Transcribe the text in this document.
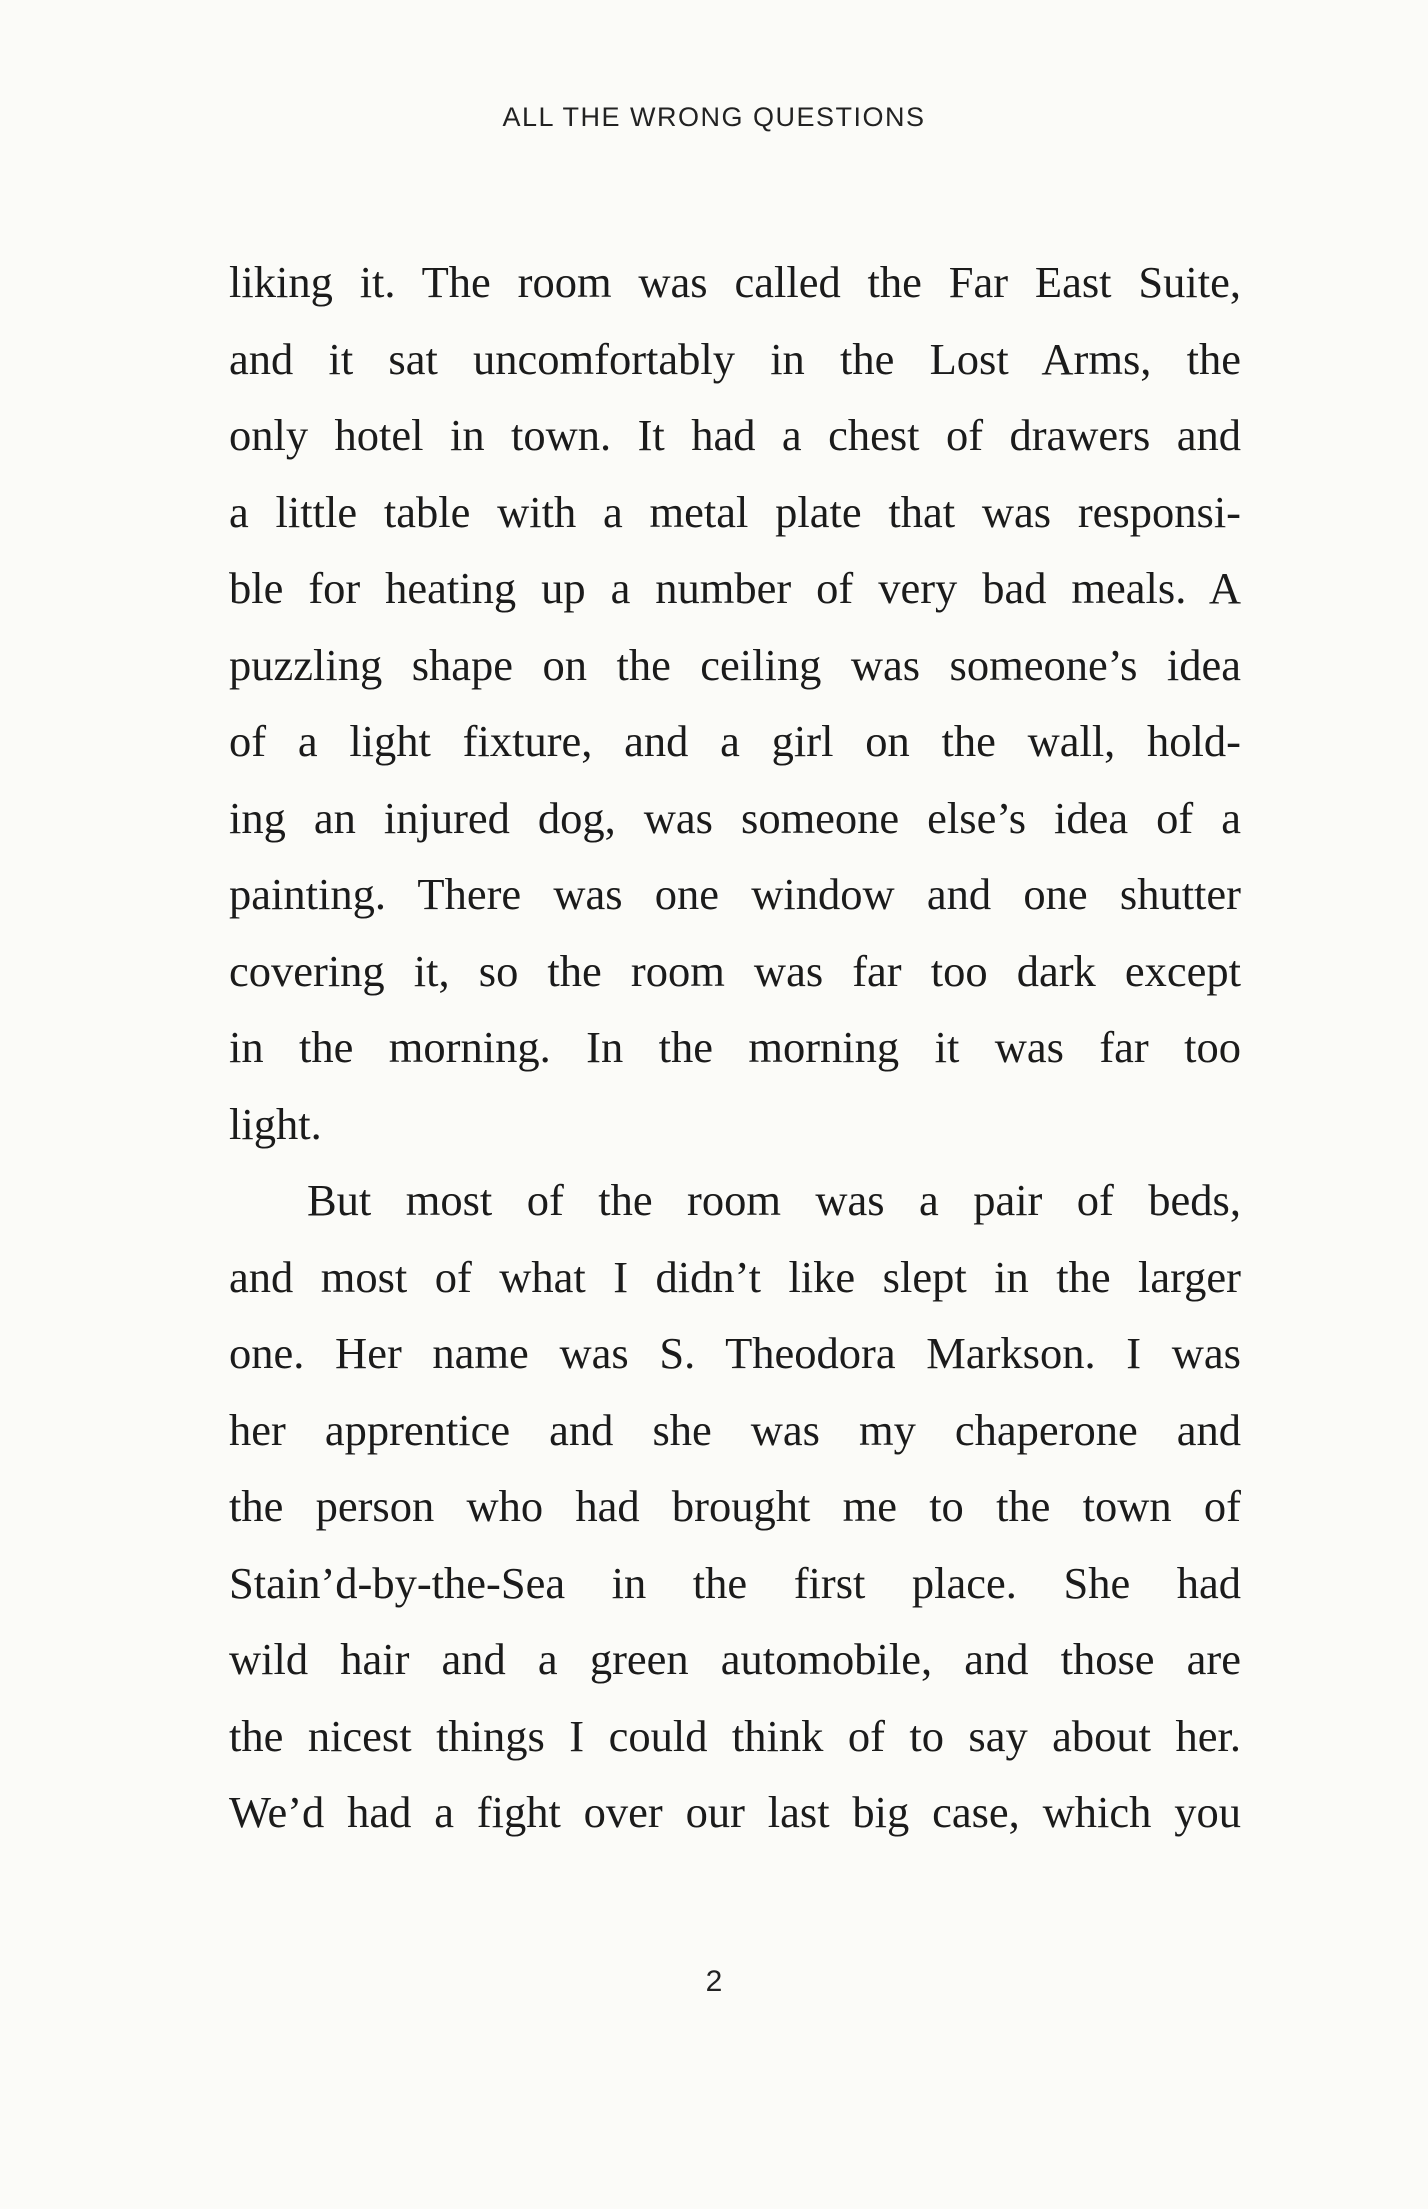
ALL THE WRONG QUESTIONS
liking it. The room was called the Far East Suite,
and it sat uncomfortably in the Lost Arms, the
only hotel in town. It had a chest of drawers and
a little table with a metal plate that was responsi-
ble for heating up a number of very bad meals. A
puzzling shape on the ceiling was someone’s idea
of a light fixture, and a girl on the wall, hold-
ing an injured dog, was someone else’s idea of a
painting. There was one window and one shutter
covering it, so the room was far too dark except
in the morning. In the morning it was far too
light.
But most of the room was a pair of beds,
and most of what I didn’t like slept in the larger
one. Her name was S. Theodora Markson. I was
her apprentice and she was my chaperone and
the person who had brought me to the town of
Stain’d-by-the-Sea in the first place. She had
wild hair and a green automobile, and those are
the nicest things I could think of to say about her.
We’d had a fight over our last big case, which you
2
